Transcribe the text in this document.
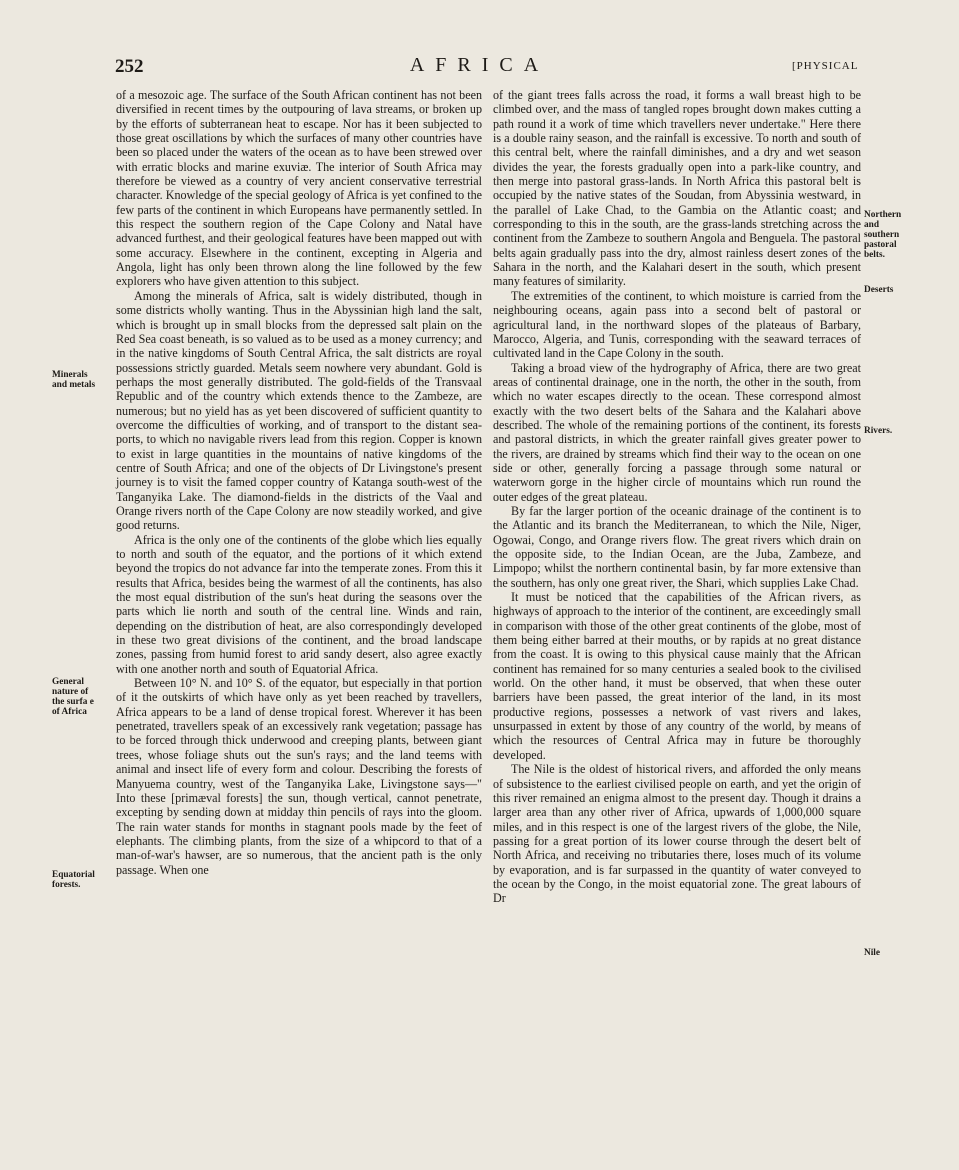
252	AFRICA	[PHYSICAL

of a mesozoic age. The surface of the South African continent has not been diversified in recent times by the outpouring of lava streams, or broken up by the efforts of subterranean heat to escape. Nor has it been subjected to those great oscillations by which the surfaces of many other countries have been so placed under the waters of the ocean as to have been strewed over with erratic blocks and marine exuviæ. The interior of South Africa may therefore be viewed as a country of very ancient conservative terrestrial character. Knowledge of the special geology of Africa is yet confined to the few parts of the continent in which Europeans have permanently settled. In this respect the southern region of the Cape Colony and Natal have advanced furthest, and their geological features have been mapped out with some accuracy. Elsewhere in the continent, excepting in Algeria and Angola, light has only been thrown along the line followed by the few explorers who have given attention to this subject.

Among the minerals of Africa, salt is widely distributed, though in some districts wholly wanting. Thus in the Abyssinian high land the salt, which is brought up in small blocks from the depressed salt plain on the Red Sea coast beneath, is so valued as to be used as a money currency; and in the native kingdoms of South Central Africa, the salt districts are royal possessions strictly guarded. Metals seem nowhere very abundant. Gold is perhaps the most generally distributed. The gold-fields of the Transvaal Republic and of the country which extends thence to the Zambeze, are numerous; but no yield has as yet been discovered of sufficient quantity to overcome the difficulties of working, and of transport to the distant sea-ports, to which no navigable rivers lead from this region. Copper is known to exist in large quantities in the mountains of native kingdoms of the centre of South Africa; and one of the objects of Dr Livingstone's present journey is to visit the famed copper country of Katanga south-west of the Tanganyika Lake. The diamond-fields in the districts of the Vaal and Orange rivers north of the Cape Colony are now steadily worked, and give good returns.

Africa is the only one of the continents of the globe which lies equally to north and south of the equator, and the portions of it which extend beyond the tropics do not advance far into the temperate zones. From this it results that Africa, besides being the warmest of all the continents, has also the most equal distribution of the sun's heat during the seasons over the parts which lie north and south of the central line. Winds and rain, depending on the distribution of heat, are also correspondingly developed in these two great divisions of the continent, and the broad landscape zones, passing from humid forest to arid sandy desert, also agree exactly with one another north and south of Equatorial Africa.

Between 10° N. and 10° S. of the equator, but especially in that portion of it the outskirts of which have only as yet been reached by travellers, Africa appears to be a land of dense tropical forest. Wherever it has been penetrated, travellers speak of an excessively rank vegetation; passage has to be forced through thick underwood and creeping plants, between giant trees, whose foliage shuts out the sun's rays; and the land teems with animal and insect life of every form and colour. Describing the forests of Manyuema country, west of the Tanganyika Lake, Livingstone says—" Into these [primæval forests] the sun, though vertical, cannot penetrate, excepting by sending down at midday thin pencils of rays into the gloom. The rain water stands for months in stagnant pools made by the feet of elephants. The climbing plants, from the size of a whipcord to that of a man-of-war's hawser, are so numerous, that the ancient path is the only passage. When one

of the giant trees falls across the road, it forms a wall breast high to be climbed over, and the mass of tangled ropes brought down makes cutting a path round it a work of time which travellers never undertake." Here there is a double rainy season, and the rainfall is excessive. To north and south of this central belt, where the rainfall diminishes, and a dry and wet season divides the year, the forests gradually open into a park-like country, and then merge into pastoral grass-lands. In North Africa this pastoral belt is occupied by the native states of the Soudan, from Abyssinia westward, in the parallel of Lake Chad, to the Gambia on the Atlantic coast; and corresponding to this in the south, are the grass-lands stretching across the continent from the Zambeze to southern Angola and Benguela. The pastoral belts again gradually pass into the dry, almost rainless desert zones of the Sahara in the north, and the Kalahari desert in the south, which present many features of similarity.

The extremities of the continent, to which moisture is carried from the neighbouring oceans, again pass into a second belt of pastoral or agricultural land, in the northward slopes of the plateaus of Barbary, Marocco, Algeria, and Tunis, corresponding with the seaward terraces of cultivated land in the Cape Colony in the south.

Taking a broad view of the hydrography of Africa, there are two great areas of continental drainage, one in the north, the other in the south, from which no water escapes directly to the ocean. These correspond almost exactly with the two desert belts of the Sahara and the Kalahari above described. The whole of the remaining portions of the continent, its forests and pastoral districts, in which the greater rainfall gives greater power to the rivers, are drained by streams which find their way to the ocean on one side or other, generally forcing a passage through some natural or waterworn gorge in the higher circle of mountains which run round the outer edges of the great plateau.

By far the larger portion of the oceanic drainage of the continent is to the Atlantic and its branch the Mediterranean, to which the Nile, Niger, Ogowai, Congo, and Orange rivers flow. The great rivers which drain on the opposite side, to the Indian Ocean, are the Juba, Zambeze, and Limpopo; whilst the northern continental basin, by far more extensive than the southern, has only one great river, the Shari, which supplies Lake Chad.

It must be noticed that the capabilities of the African rivers, as highways of approach to the interior of the continent, are exceedingly small in comparison with those of the other great continents of the globe, most of them being either barred at their mouths, or by rapids at no great distance from the coast. It is owing to this physical cause mainly that the African continent has remained for so many centuries a sealed book to the civilised world. On the other hand, it must be observed, that when these outer barriers have been passed, the great interior of the land, in its most productive regions, possesses a network of vast rivers and lakes, unsurpassed in extent by those of any country of the world, by means of which the resources of Central Africa may in future be thoroughly developed.

The Nile is the oldest of historical rivers, and afforded the only means of subsistence to the earliest civilised people on earth, and yet the origin of this river remained an enigma almost to the present day. Though it drains a larger area than any other river of Africa, upwards of 1,000,000 square miles, and in this respect is one of the largest rivers of the globe, the Nile, passing for a great portion of its lower course through the desert belt of North Africa, and receiving no tributaries there, loses much of its volume by evaporation, and is far surpassed in the quantity of water conveyed to the ocean by the Congo, in the moist equatorial zone. The great labours of Dr

Minerals
and metals
General
nature of
the surfa e
of Africa
Equatorial
forests.
Northern
and
southern
pastoral
belts.
Deserts
Rivers.
Nile
